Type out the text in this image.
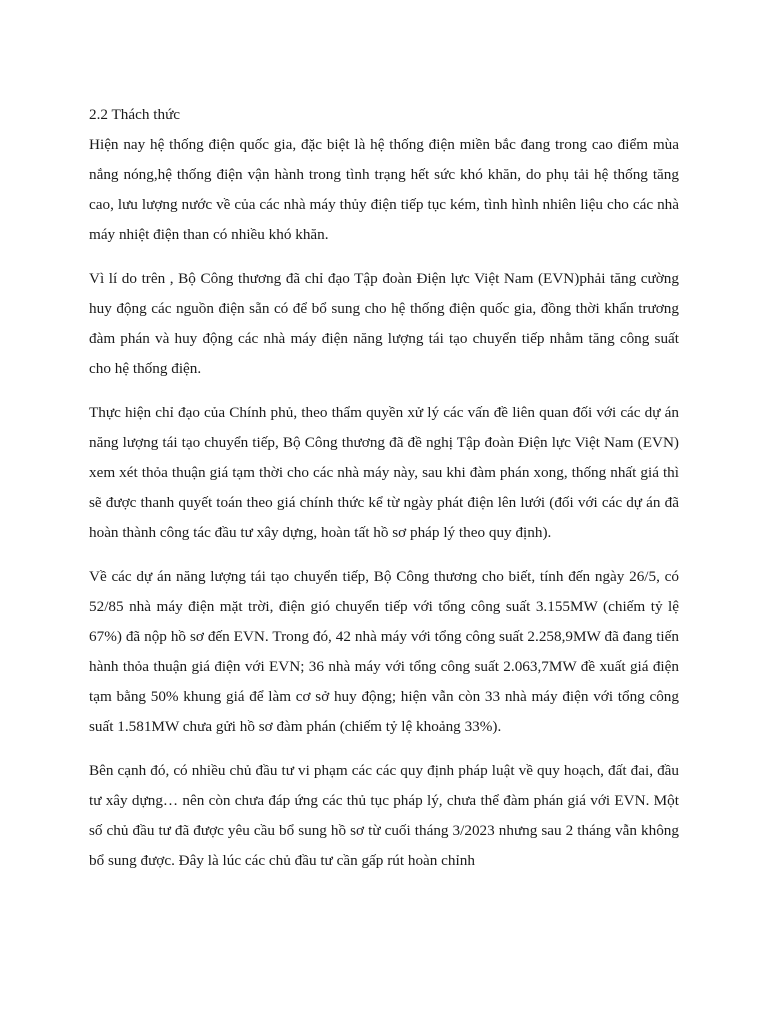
2.2 Thách thức

Hiện nay hệ thống điện quốc gia, đặc biệt là hệ thống điện miền bắc đang trong cao điểm mùa nắng nóng,hệ thống điện vận hành trong tình trạng hết sức khó khăn, do phụ tải hệ thống tăng cao, lưu lượng nước về của các nhà máy thủy điện tiếp tục kém, tình hình nhiên liệu cho các nhà máy nhiệt điện than có nhiều khó khăn.

Vì lí do trên , Bộ Công thương đã chỉ đạo Tập đoàn Điện lực Việt Nam (EVN)phải tăng cường huy động các nguồn điện sẵn có để bổ sung cho hệ thống điện quốc gia, đồng thời khẩn trương đàm phán và huy động các nhà máy điện năng lượng tái tạo chuyển tiếp nhằm tăng công suất cho hệ thống điện.

Thực hiện chỉ đạo của Chính phủ, theo thẩm quyền xử lý các vấn đề liên quan đối với các dự án năng lượng tái tạo chuyển tiếp, Bộ Công thương đã đề nghị Tập đoàn Điện lực Việt Nam (EVN) xem xét thỏa thuận giá tạm thời cho các nhà máy này, sau khi đàm phán xong, thống nhất giá thì sẽ được thanh quyết toán theo giá chính thức kể từ ngày phát điện lên lưới (đối với các dự án đã hoàn thành công tác đầu tư xây dựng, hoàn tất hồ sơ pháp lý theo quy định).

Về các dự án năng lượng tái tạo chuyển tiếp, Bộ Công thương cho biết, tính đến ngày 26/5, có 52/85 nhà máy điện mặt trời, điện gió chuyển tiếp với tổng công suất 3.155MW (chiếm tỷ lệ 67%) đã nộp hồ sơ đến EVN. Trong đó, 42 nhà máy với tổng công suất 2.258,9MW đã đang tiến hành thỏa thuận giá điện với EVN; 36 nhà máy với tổng công suất 2.063,7MW đề xuất giá điện tạm bằng 50% khung giá để làm cơ sở huy động; hiện vẫn còn 33 nhà máy điện với tổng công suất 1.581MW chưa gửi hồ sơ đàm phán (chiếm tỷ lệ khoảng 33%).

Bên cạnh đó, có nhiều chủ đầu tư vi phạm các các quy định pháp luật về quy hoạch, đất đai, đầu tư xây dựng… nên còn chưa đáp ứng các thủ tục pháp lý, chưa thể đàm phán giá với EVN. Một số chủ đầu tư đã được yêu cầu bổ sung hồ sơ từ cuối tháng 3/2023 nhưng sau 2 tháng vẫn không bổ sung được. Đây là lúc các chủ đầu tư cần gấp rút hoàn chỉnh
